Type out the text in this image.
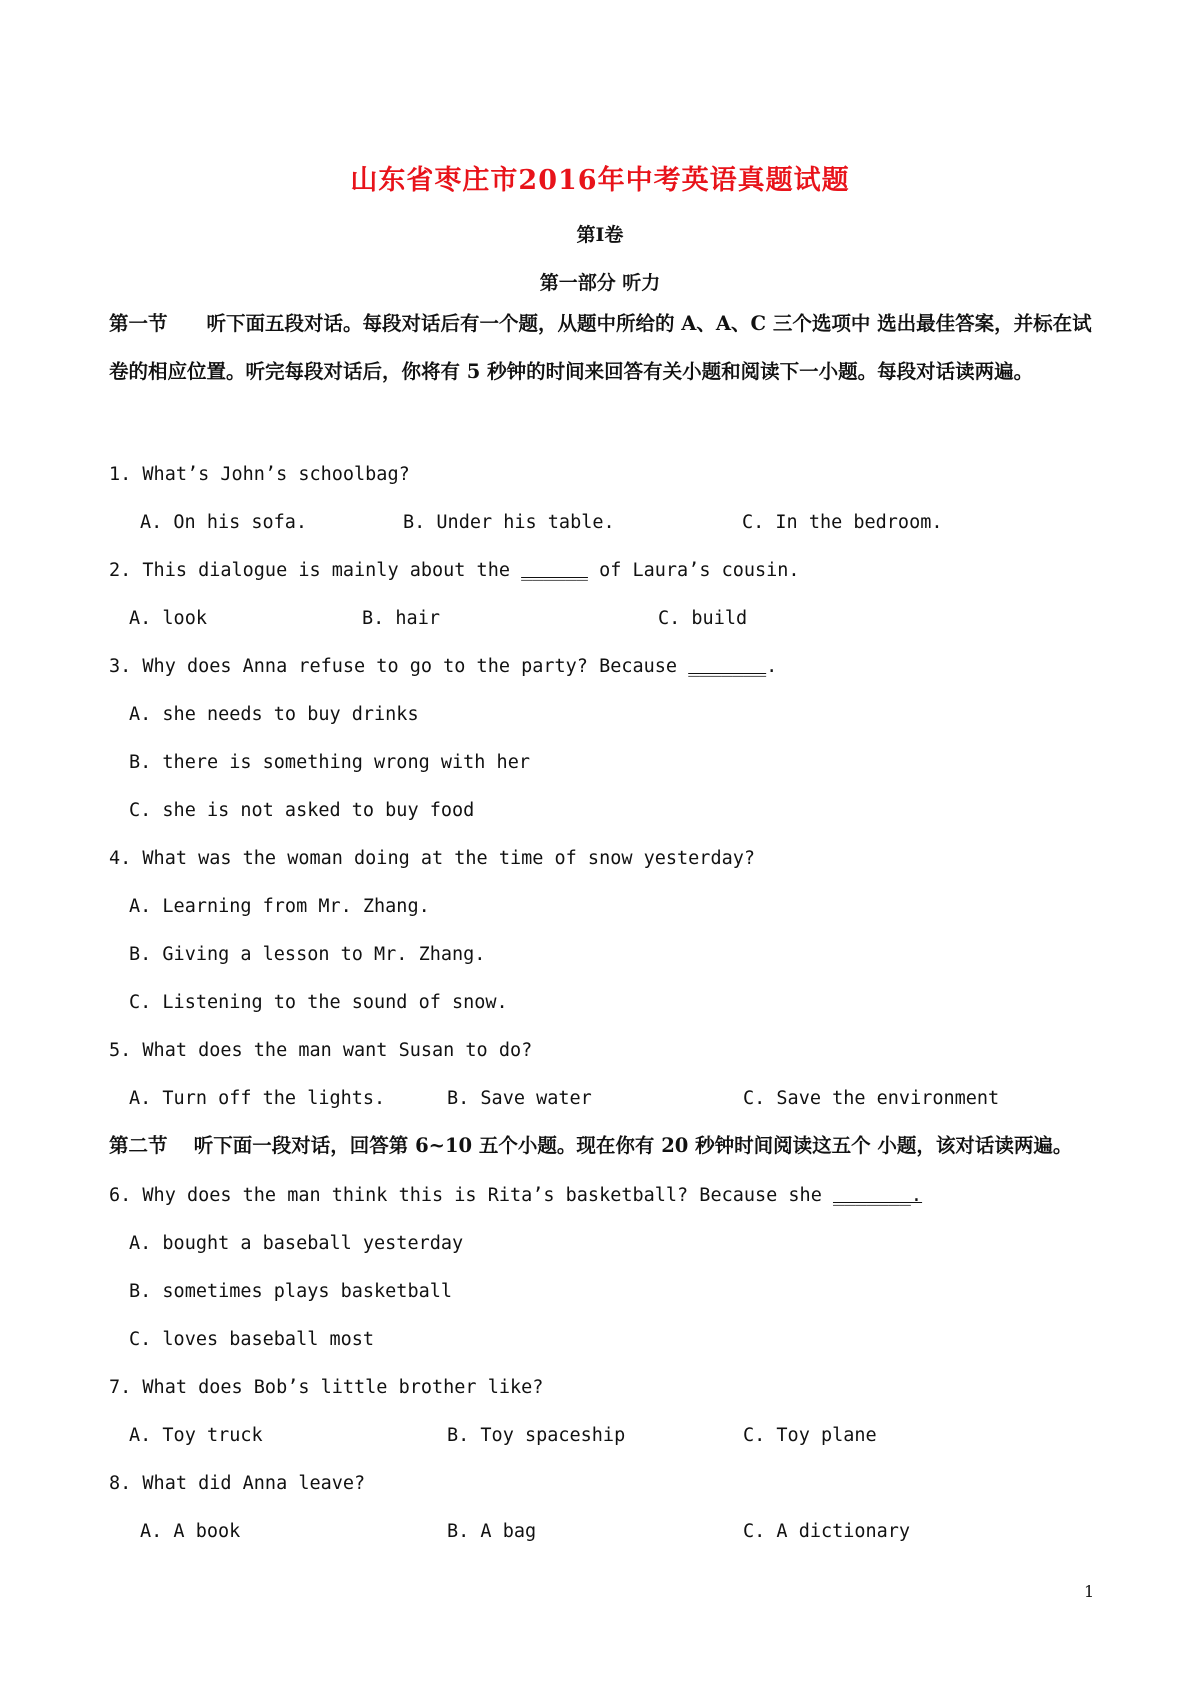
山东省枣庄市2016年中考英语真题试题
第Ⅰ卷
第一部分 听力
第一节　　听下面五段对话。每段对话后有一个题，从题中所给的 A、A、C 三个选项中 选出最佳答案，并标在试卷的相应位置。听完每段对话后，你将有 5 秒钟的时间来回答有关小题和阅读下一小题。每段对话读两遍。
1. What’s John’s schoolbag?
A. On his sofa.	B. Under his table.	C. In the bedroom.
2. This dialogue is mainly about the ______ of Laura’s cousin.
A. look	B. hair	C. build
3. Why does Anna refuse to go to the party? Because _______.
A. she needs to buy drinks
B. there is something wrong with her
C. she is not asked to buy food
4. What was the woman doing at the time of snow yesterday?
A. Learning from Mr. Zhang.
B. Giving a lesson to Mr. Zhang.
C. Listening to the sound of snow.
5. What does the man want Susan to do?
A. Turn off the lights.	B. Save water	C. Save the environment
第二节　 听下面一段对话，回答第 6~10 五个小题。现在你有 20 秒钟时间阅读这五个 小题，该对话读两遍。
6. Why does the man think this is Rita’s basketball? Because she _______.
A. bought a baseball yesterday
B. sometimes plays basketball
C. loves baseball most
7. What does Bob’s little brother like?
A. Toy truck	B. Toy spaceship	C. Toy plane
8. What did Anna leave?
A. A book	B. A bag	C. A dictionary
1
